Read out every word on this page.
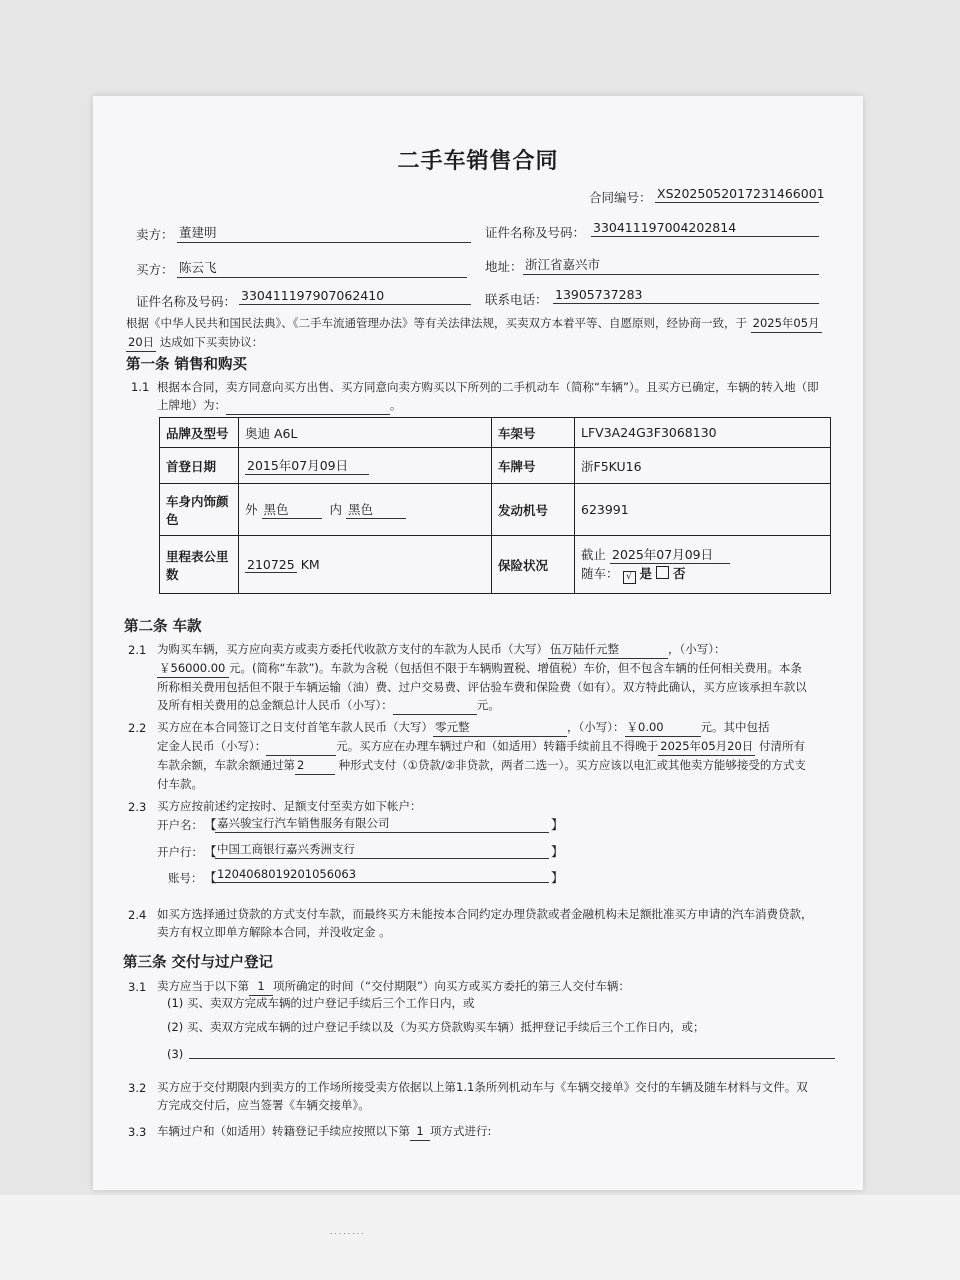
二手车销售合同
合同编号： XS2025052017231466001
卖方： 董建明	证件名称及号码： 330411197004202814
买方： 陈云飞	地址： 浙江省嘉兴市
证件名称及号码： 330411197907062410	联系电话： 13905737283
根据《中华人民共和国民法典》、《二手车流通管理办法》等有关法律法规，买卖双方本着平等、自愿原则，经协商一致，于 2025年05月
20日 达成如下买卖协议：
第一条 销售和购买
1.1 根据本合同，卖方同意向买方出售、买方同意向卖方购买以下所列的二手机动车（简称“车辆”）。且买方已确定，车辆的转入地（即
上牌地）为：	。
品牌及型号	奥迪 A6L	车架号	LFV3A24G3F3068130
首登日期	2015年07月09日	车牌号	浙F5KU16
车身内饰颜色	外 黑色 内 黑色	发动机号	623991
里程表公里数	210725 KM	保险状况	截止 2025年07月09日
随车： √ 是 否
第二条 车款
2.1 为购买车辆，买方应向卖方或卖方委托代收款方支付的车款为人民币（大写） 伍万陆仟元整	，（小写）：
￥56000.00 元。(简称“车款”)。车款为含税（包括但不限于车辆购置税、增值税）车价，但不包含车辆的任何相关费用。本条
所称相关费用包括但不限于车辆运输（油）费、过户交易费、评估验车费和保险费（如有）。双方特此确认，买方应该承担车款以
及所有相关费用的总金额总计人民币（小写）：	元。
2.2 买方应在本合同签订之日支付首笔车款人民币（大写） 零元整	，（小写）： ￥0.00	元。其中包括
定金人民币（小写）：	元。买方应在办理车辆过户和（如适用）转籍手续前且不得晚于 2025年05月20日 付清所有
车款余额，车款余额通过第 2	种形式支付（①贷款/②非贷款，两者二选一）。买方应该以电汇或其他卖方能够接受的方式支
付车款。
2.3 买方应按前述约定按时、足额支付至卖方如下帐户：
开户名： 【 嘉兴骏宝行汽车销售服务有限公司	】
开户行： 【 中国工商银行嘉兴秀洲支行	】
账号： 【 1204068019201056063	】
2.4 如买方选择通过贷款的方式支付车款，而最终买方未能按本合同约定办理贷款或者金融机构未足额批准买方申请的汽车消费贷款，
卖方有权立即单方解除本合同，并没收定金 。
第三条 交付与过户登记
3.1 卖方应当于以下第 1 项所确定的时间（“交付期限”）向买方或买方委托的第三人交付车辆：
(1) 买、卖双方完成车辆的过户登记手续后三个工作日内，或
(2) 买、卖双方完成车辆的过户登记手续以及（为买方贷款购买车辆）抵押登记手续后三个工作日内，或；
(3)
3.2 买方应于交付期限内到卖方的工作场所接受卖方依据以上第1.1条所列机动车与《车辆交接单》交付的车辆及随车材料与文件。双
方完成交付后，应当签署《车辆交接单》。
3.3 车辆过户和（如适用）转籍登记手续应按照以下第 1 项方式进行:
· · · · · · · ·
